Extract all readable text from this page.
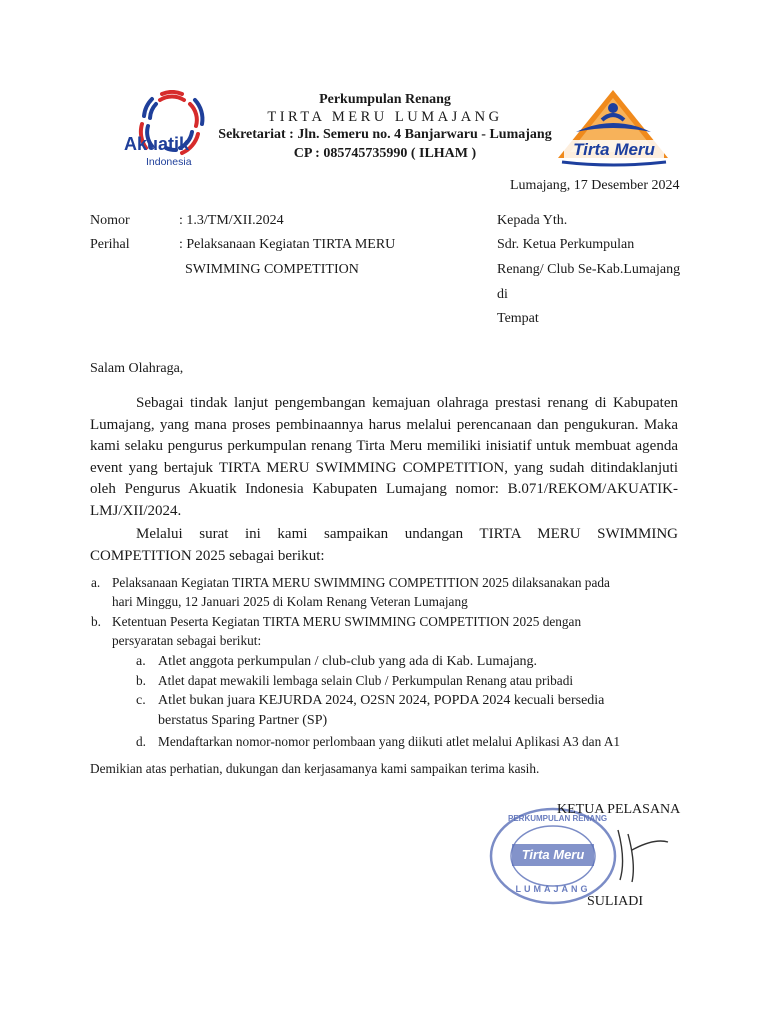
Akuatik
Indonesia
Perkumpulan Renang
TIRTA MERU LUMAJANG
Sekretariat : Jln. Semeru no. 4 Banjarwaru - Lumajang
CP : 085745735990 ( ILHAM )	Tirta Meru
Lumajang, 17 Desember 2024
Nomor	: 1.3/TM/XII.2024
Perihal	: Pelaksanaan Kegiatan TIRTA MERU
SWIMMING COMPETITION
Kepada Yth.
Sdr. Ketua Perkumpulan
Renang/ Club Se-Kab.Lumajang
di
Tempat
Salam Olahraga,
Sebagai tindak lanjut pengembangan kemajuan olahraga prestasi renang di Kabupaten Lumajang, yang mana proses pembinaannya harus melalui perencanaan dan pengukuran. Maka kami selaku pengurus perkumpulan renang Tirta Meru memiliki inisiatif untuk membuat agenda event yang bertajuk TIRTA MERU SWIMMING COMPETITION, yang sudah ditindaklanjuti oleh Pengurus Akuatik Indonesia Kabupaten Lumajang nomor: B.071/REKOM/AKUATIK-LMJ/XII/2024.
Melalui surat ini kami sampaikan undangan TIRTA MERU SWIMMING COMPETITION 2025 sebagai berikut:
a. Pelaksanaan Kegiatan TIRTA MERU SWIMMING COMPETITION 2025 dilaksanakan pada
hari Minggu, 12 Januari 2025 di Kolam Renang Veteran Lumajang
b. Ketentuan Peserta Kegiatan TIRTA MERU SWIMMING COMPETITION 2025 dengan
persyaratan sebagai berikut:
a. Atlet anggota perkumpulan / club-club yang ada di Kab. Lumajang.
b. Atlet dapat mewakili lembaga selain Club / Perkumpulan Renang atau pribadi
c. Atlet bukan juara KEJURDA 2024, O2SN 2024, POPDA 2024 kecuali bersedia
berstatus Sparing Partner (SP)
d. Mendaftarkan nomor-nomor perlombaan yang diikuti atlet melalui Aplikasi A3 dan A1
Demikian atas perhatian, dukungan dan kerjasamanya kami sampaikan terima kasih.
PERKUMPULAN RENANG
Tirta Meru
LUMAJANG
KETUA PELASANA
SULIADI
